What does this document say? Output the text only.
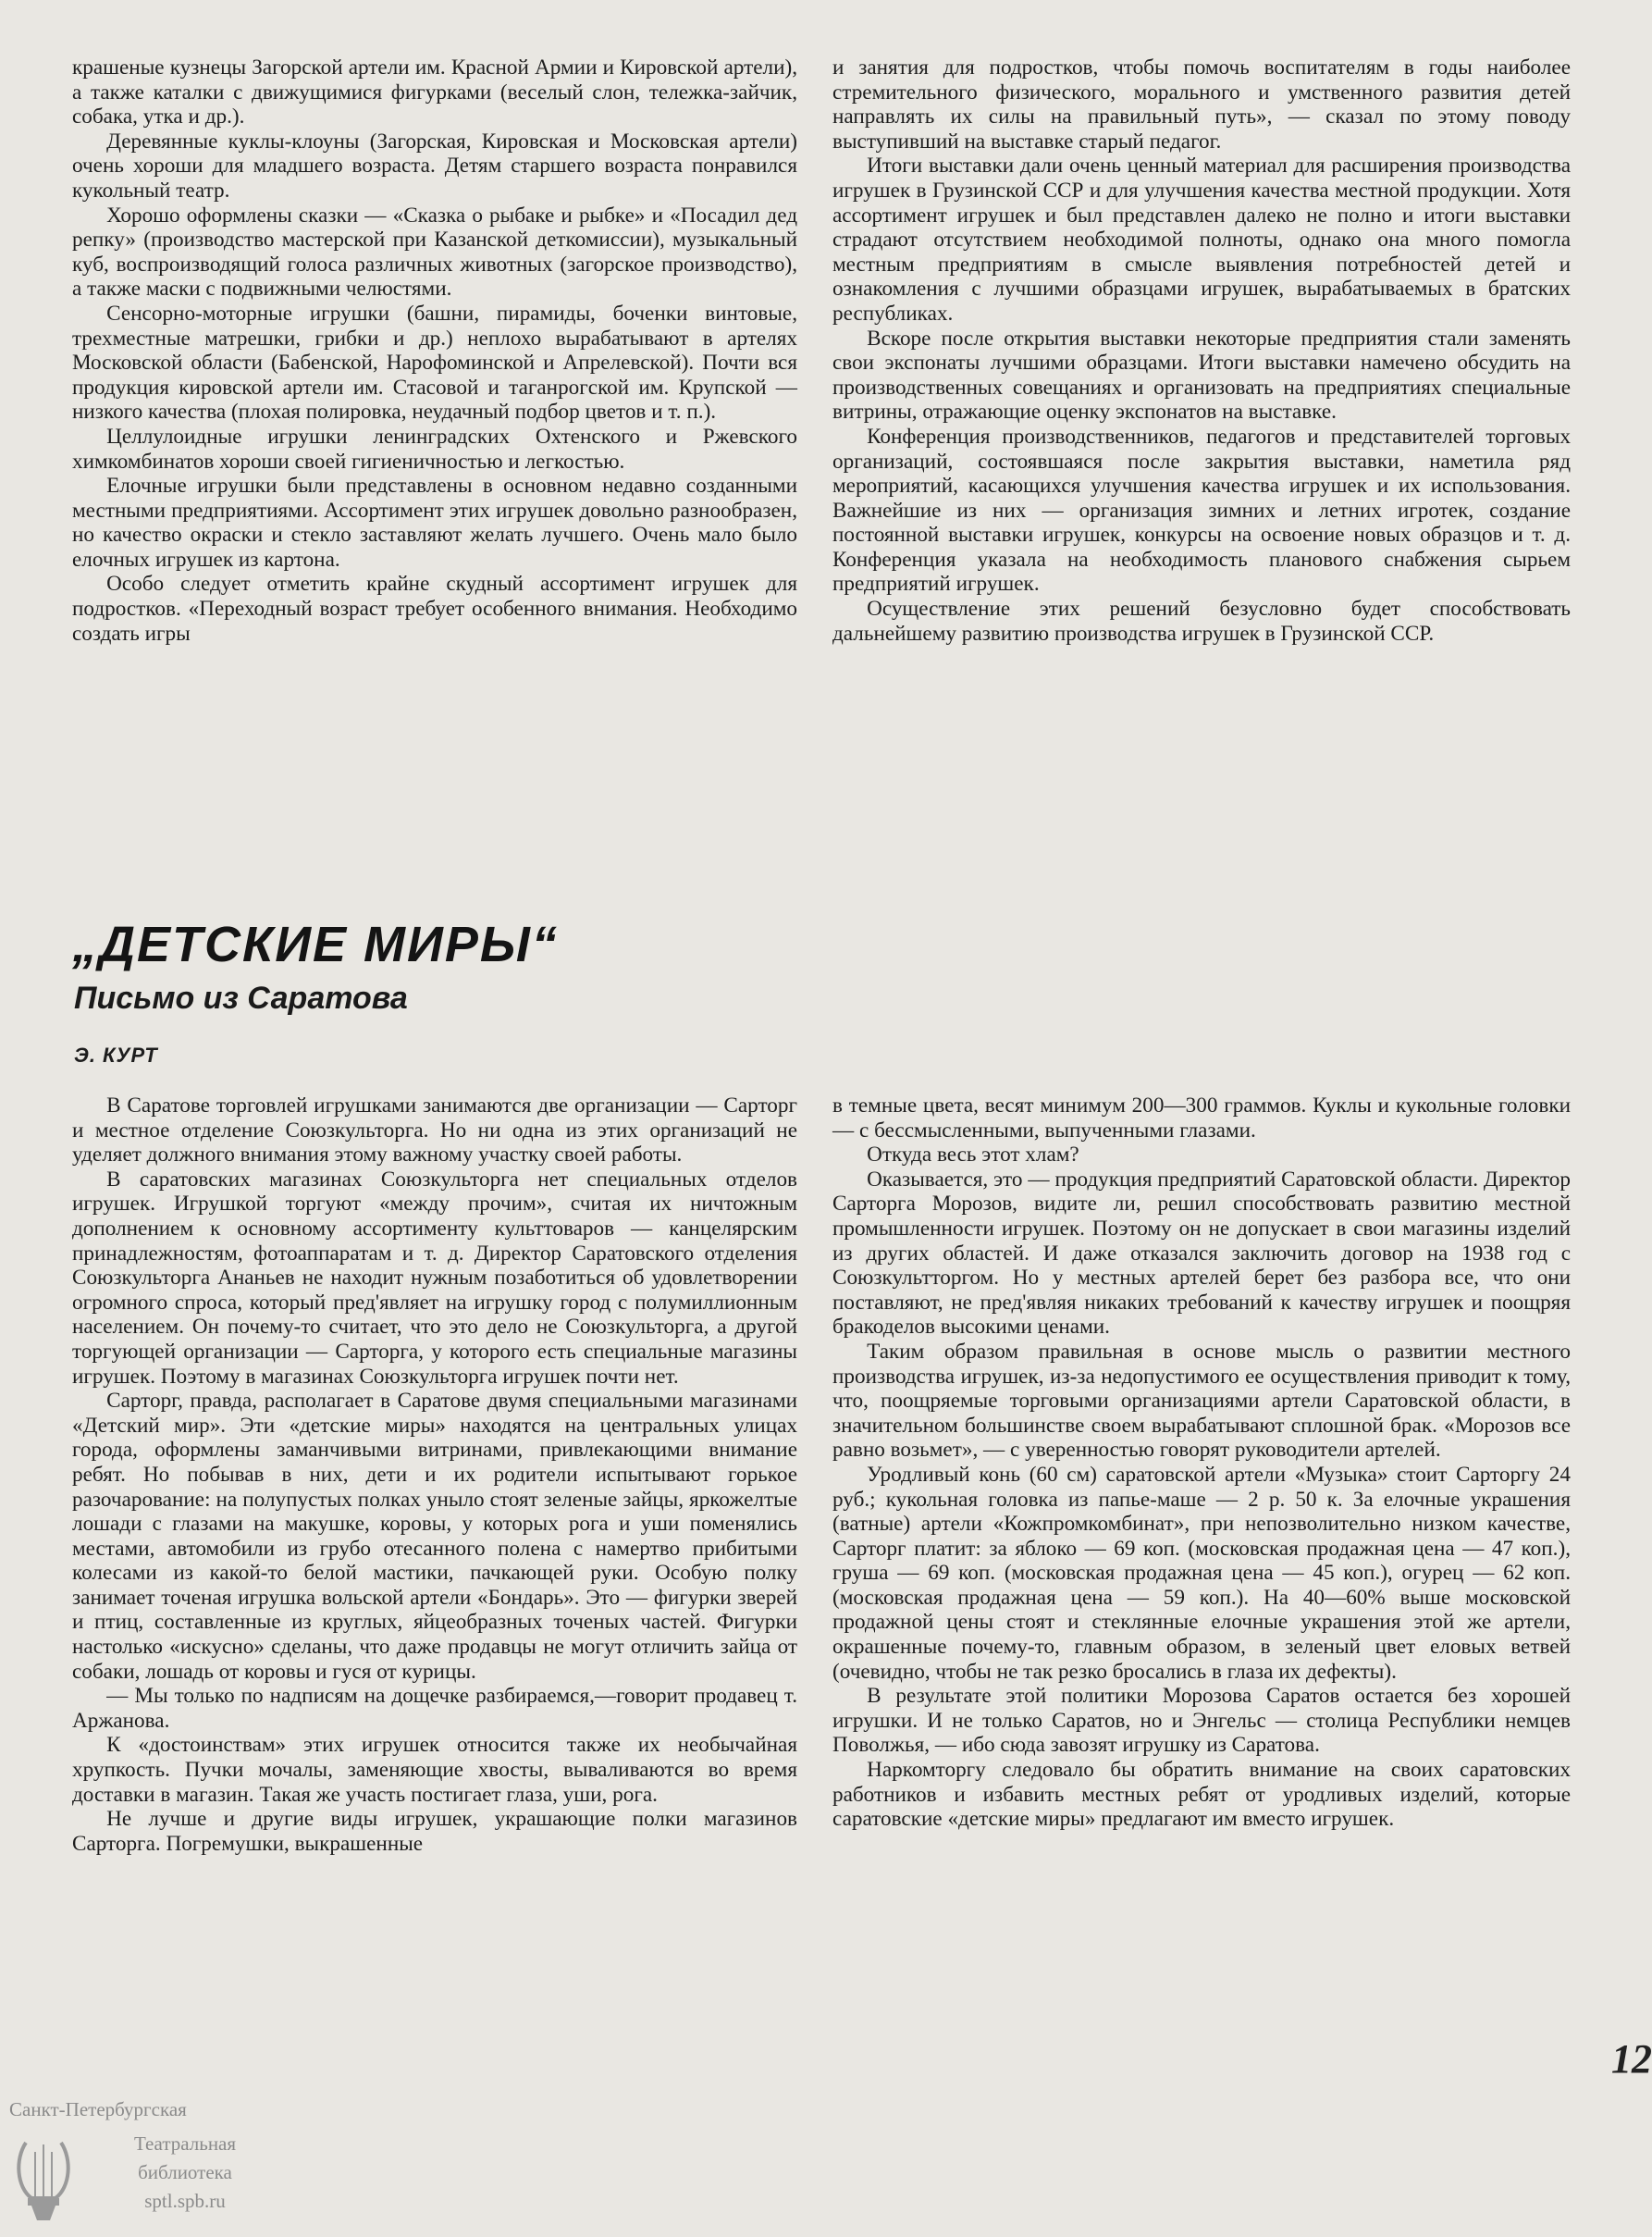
крашеные кузнецы Загорской артели им. Красной Армии и Кировской артели), а также каталки с движущимися фигурками (веселый слон, тележка-зайчик, собака, утка и др.).

Деревянные куклы-клоуны (Загорская, Кировская и Московская артели) очень хороши для младшего возраста. Детям старшего возраста понравился кукольный театр.

Хорошо оформлены сказки — «Сказка о рыбаке и рыбке» и «Посадил дед репку» (производство мастерской при Казанской деткомиссии), музыкальный куб, воспроизводящий голоса различных животных (загорское производство), а также маски с подвижными челюстями.

Сенсорно-моторные игрушки (башни, пирамиды, боченки винтовые, трехместные матрешки, грибки и др.) неплохо вырабатывают в артелях Московской области (Бабенской, Нарофоминской и Апрелевской). Почти вся продукция кировской артели им. Стасовой и таганрогской им. Крупской — низкого качества (плохая полировка, неудачный подбор цветов и т. п.).

Целлулоидные игрушки ленинградских Охтенского и Ржевского химкомбинатов хороши своей гигиеничностью и легкостью.

Елочные игрушки были представлены в основном недавно созданными местными предприятиями. Ассортимент этих игрушек довольно разнообразен, но качество окраски и стекло заставляют желать лучшего. Очень мало было елочных игрушек из картона.

Особо следует отметить крайне скудный ассортимент игрушек для подростков. «Переходный возраст требует особенного внимания. Необходимо создать игры

и занятия для подростков, чтобы помочь воспитателям в годы наиболее стремительного физического, морального и умственного развития детей направлять их силы на правильный путь», — сказал по этому поводу выступивший на выставке старый педагог.

Итоги выставки дали очень ценный материал для расширения производства игрушек в Грузинской ССР и для улучшения качества местной продукции. Хотя ассортимент игрушек и был представлен далеко не полно и итоги выставки страдают отсутствием необходимой полноты, однако она много помогла местным предприятиям в смысле выявления потребностей детей и ознакомления с лучшими образцами игрушек, вырабатываемых в братских республиках.

Вскоре после открытия выставки некоторые предприятия стали заменять свои экспонаты лучшими образцами. Итоги выставки намечено обсудить на производственных совещаниях и организовать на предприятиях специальные витрины, отражающие оценку экспонатов на выставке.

Конференция производственников, педагогов и представителей торговых организаций, состоявшаяся после закрытия выставки, наметила ряд мероприятий, касающихся улучшения качества игрушек и их использования. Важнейшие из них — организация зимних и летних игротек, создание постоянной выставки игрушек, конкурсы на освоение новых образцов и т. д. Конференция указала на необходимость планового снабжения сырьем предприятий игрушек.

Осуществление этих решений безусловно будет способствовать дальнейшему развитию производства игрушек в Грузинской ССР.

„ДЕТСКИЕ МИРЫ“
Письмо из Саратова
Э. КУРТ

В Саратове торговлей игрушками занимаются две организации — Сарторг и местное отделение Союзкульторга. Но ни одна из этих организаций не уделяет должного внимания этому важному участку своей работы.

В саратовских магазинах Союзкульторга нет специальных отделов игрушек. Игрушкой торгуют «между прочим», считая их ничтожным дополнением к основному ассортименту культтоваров — канцелярским принадлежностям, фотоаппаратам и т. д. Директор Саратовского отделения Союзкульторга Ананьев не находит нужным позаботиться об удовлетворении огромного спроса, который пред'являет на игрушку город с полумиллионным населением. Он почему-то считает, что это дело не Союзкульторга, а другой торгующей организации — Сарторга, у которого есть специальные магазины игрушек. Поэтому в магазинах Союзкульторга игрушек почти нет.

Сарторг, правда, располагает в Саратове двумя специальными магазинами «Детский мир». Эти «детские миры» находятся на центральных улицах города, оформлены заманчивыми витринами, привлекающими внимание ребят. Но побывав в них, дети и их родители испытывают горькое разочарование: на полупустых полках уныло стоят зеленые зайцы, яркожелтые лошади с глазами на макушке, коровы, у которых рога и уши поменялись местами, автомобили из грубо отесанного полена с намертво прибитыми колесами из какой-то белой мастики, пачкающей руки. Особую полку занимает точеная игрушка вольской артели «Бондарь». Это — фигурки зверей и птиц, составленные из круглых, яйцеобразных точеных частей. Фигурки настолько «искусно» сделаны, что даже продавцы не могут отличить зайца от собаки, лошадь от коровы и гуся от курицы.

— Мы только по надписям на дощечке разбираемся,—говорит продавец т. Аржанова.

К «достоинствам» этих игрушек относится также их необычайная хрупкость. Пучки мочалы, заменяющие хвосты, вываливаются во время доставки в магазин. Такая же участь постигает глаза, уши, рога.

Не лучше и другие виды игрушек, украшающие полки магазинов Сарторга. Погремушки, выкрашенные

в темные цвета, весят минимум 200—300 граммов. Куклы и кукольные головки — с бессмысленными, выпученными глазами.

Откуда весь этот хлам?

Оказывается, это — продукция предприятий Саратовской области. Директор Сарторга Морозов, видите ли, решил способствовать развитию местной промышленности игрушек. Поэтому он не допускает в свои магазины изделий из других областей. И даже отказался заключить договор на 1938 год с Союзкультторгом. Но у местных артелей берет без разбора все, что они поставляют, не пред'являя никаких требований к качеству игрушек и поощряя бракоделов высокими ценами.

Таким образом правильная в основе мысль о развитии местного производства игрушек, из-за недопустимого ее осуществления приводит к тому, что, поощряемые торговыми организациями артели Саратовской области, в значительном большинстве своем вырабатывают сплошной брак. «Морозов все равно возьмет», — с уверенностью говорят руководители артелей.

Уродливый конь (60 см) саратовской артели «Музыка» стоит Сарторгу 24 руб.; кукольная головка из папье-маше — 2 р. 50 к. За елочные украшения (ватные) артели «Кожпромкомбинат», при непозволительно низком качестве, Сарторг платит: за яблоко — 69 коп. (московская продажная цена — 47 коп.), груша — 69 коп. (московская продажная цена — 45 коп.), огурец — 62 коп. (московская продажная цена — 59 коп.). На 40—60% выше московской продажной цены стоят и стеклянные елочные украшения этой же артели, окрашенные почему-то, главным образом, в зеленый цвет еловых ветвей (очевидно, чтобы не так резко бросались в глаза их дефекты).

В результате этой политики Морозова Саратов остается без хорошей игрушки. И не только Саратов, но и Энгельс — столица Республики немцев Поволжья, — ибо сюда завозят игрушку из Саратова.

Наркомторгу следовало бы обратить внимание на своих саратовских работников и избавить местных ребят от уродливых изделий, которые саратовские «детские миры» предлагают им вместо игрушек.

12
Санкт-Петербургская
Театральная
библиотека
sptl.spb.ru
